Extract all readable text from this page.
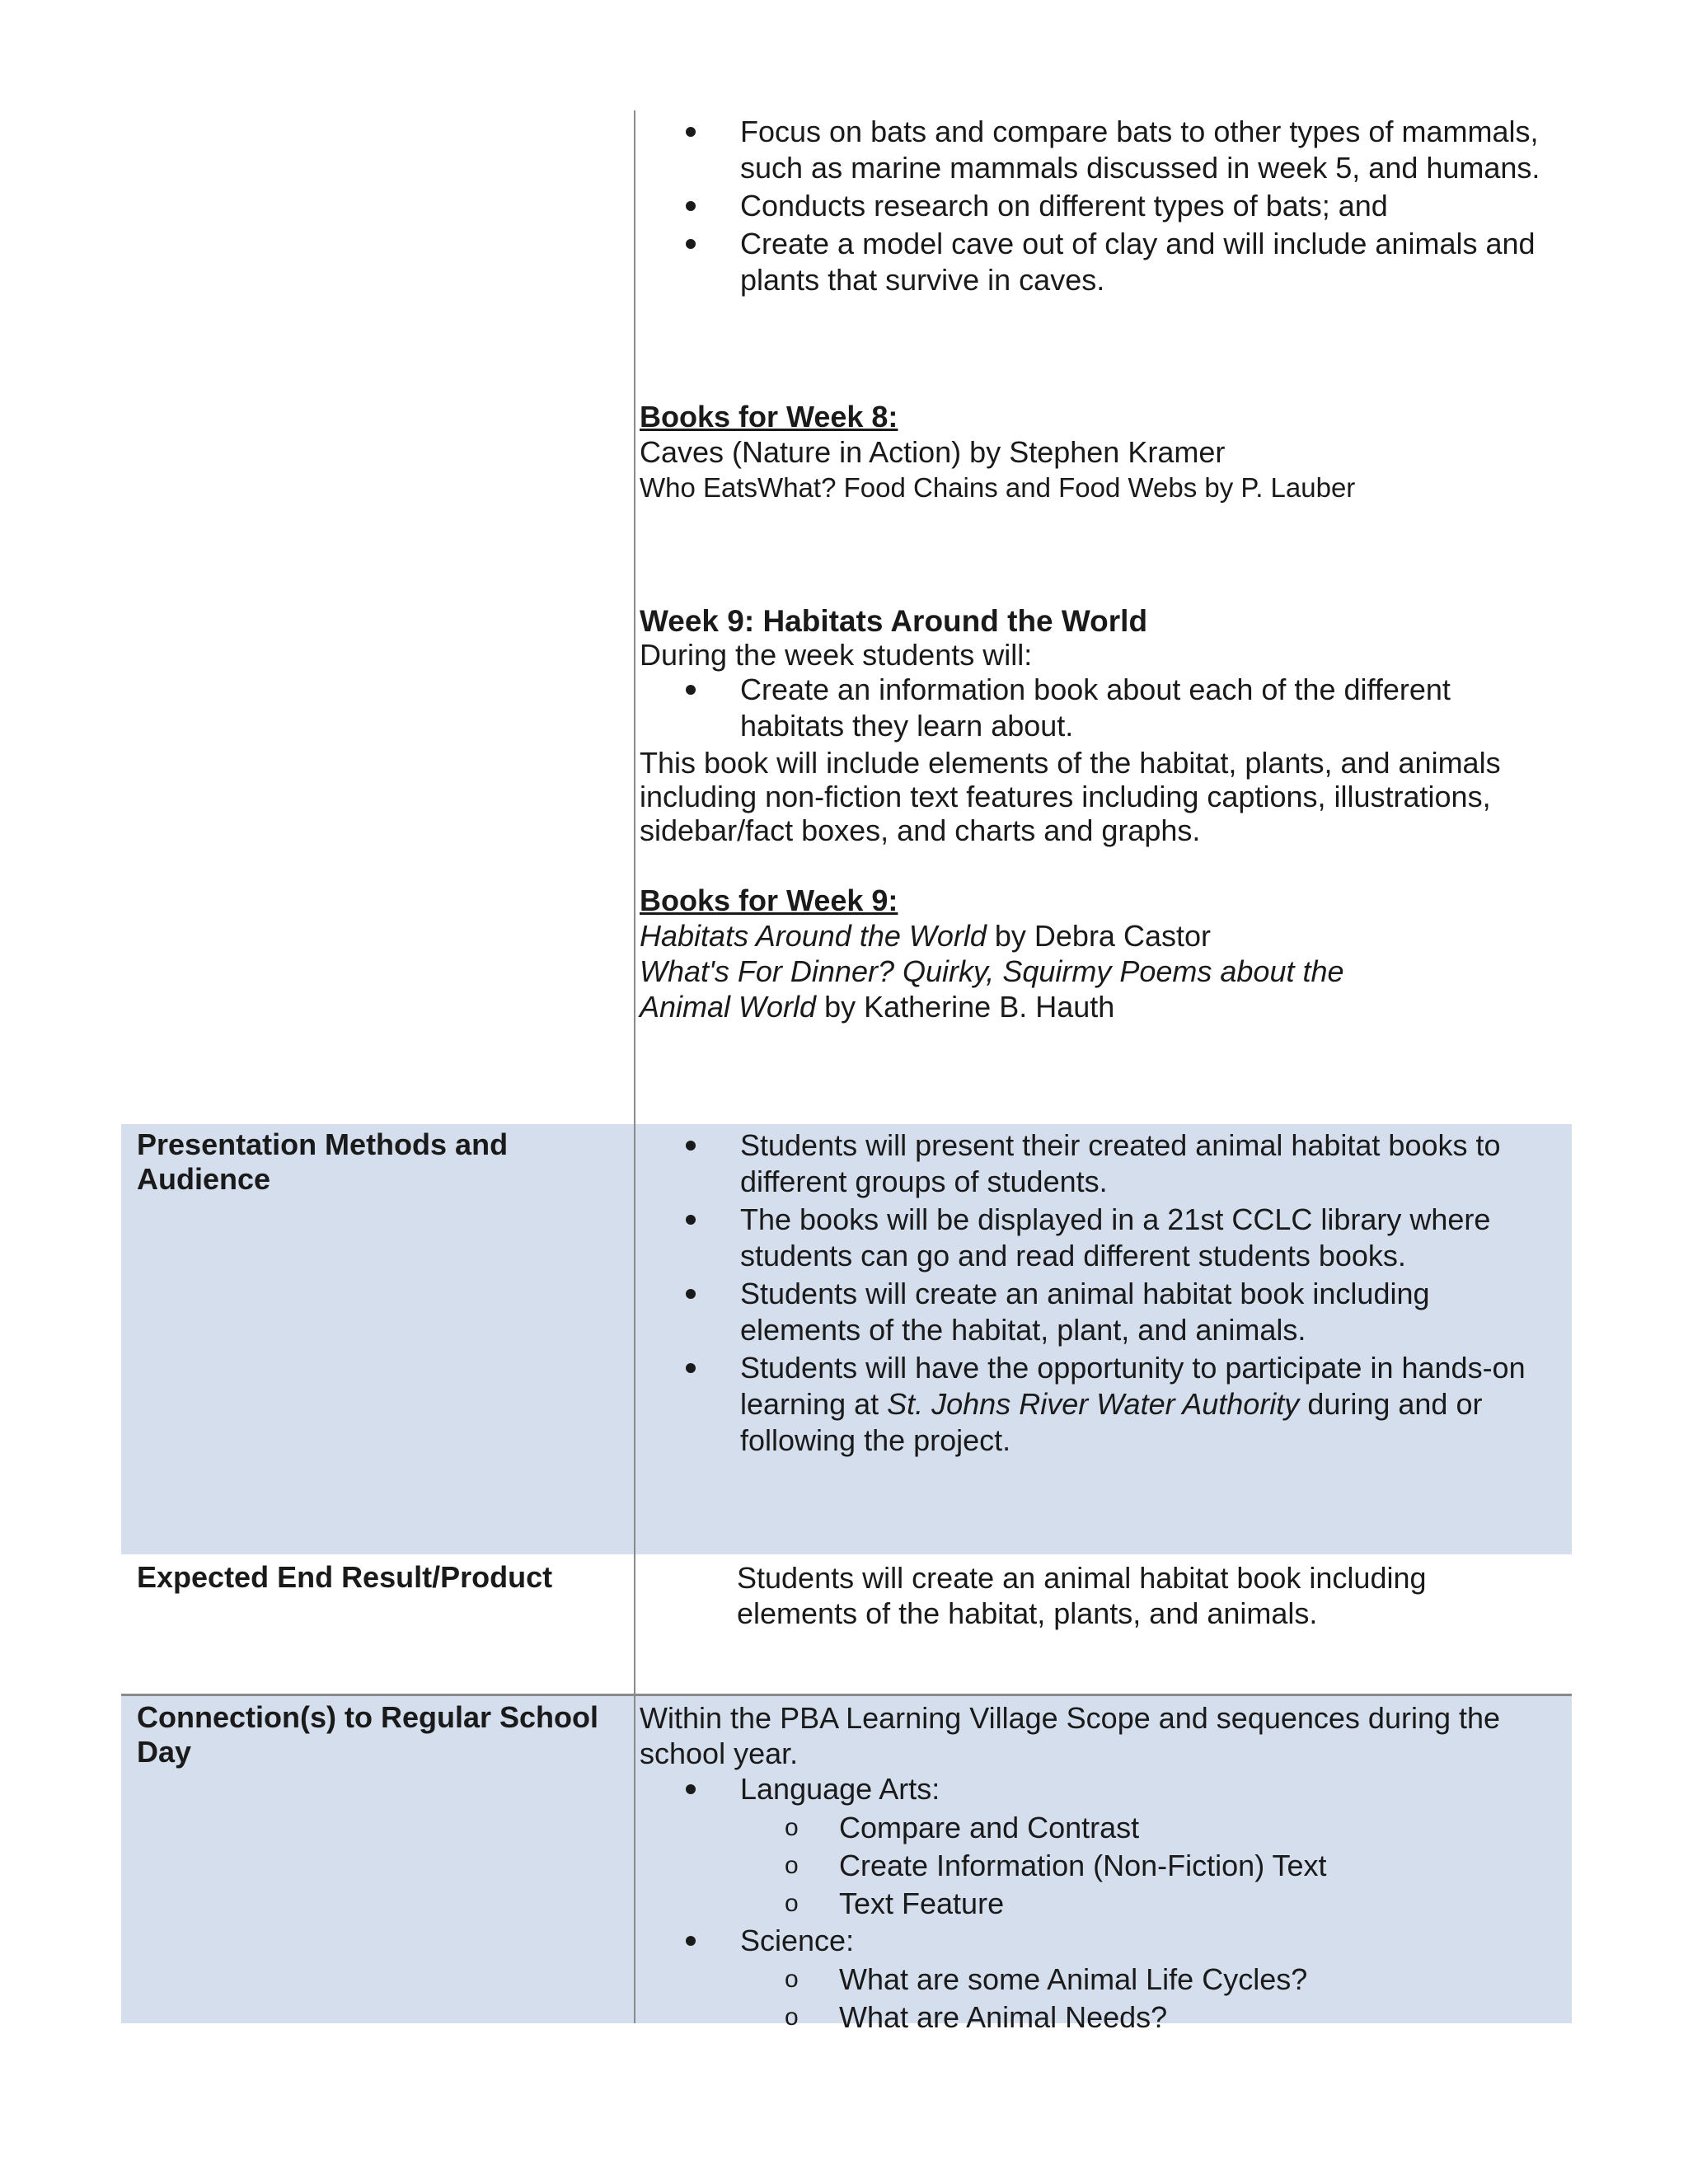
Focus on bats and compare bats to other types of mammals, such as marine mammals discussed in week 5, and humans.
Conducts research on different types of bats; and
Create a model cave out of clay and will include animals and plants that survive in caves.
Books for Week 8:
Caves (Nature in Action) by Stephen Kramer
Who EatsWhat? Food Chains and Food Webs by P. Lauber
Week 9: Habitats Around the World
During the week students will:
Create an information book about each of the different habitats they learn about.
This book will include elements of the habitat, plants, and animals including non-fiction text features including captions, illustrations, sidebar/fact boxes, and charts and graphs.
Books for Week 9:
Habitats Around the World by Debra Castor
What's For Dinner? Quirky, Squirmy Poems about the Animal World by Katherine B. Hauth
Presentation Methods and Audience
Students will present their created animal habitat books to different groups of students.
The books will be displayed in a 21st CCLC library where students can go and read different students books.
Students will create an animal habitat book including elements of the habitat, plant, and animals.
Students will have the opportunity to participate in hands-on learning at St. Johns River Water Authority during and or following the project.
Expected End Result/Product	Students will create an animal habitat book including elements of the habitat, plants, and animals.
Connection(s) to Regular School Day
Within the PBA Learning Village Scope and sequences during the school year.
Language Arts:
o Compare and Contrast
o Create Information (Non-Fiction) Text
o Text Feature
Science:
o What are some Animal Life Cycles?
o What are Animal Needs?
